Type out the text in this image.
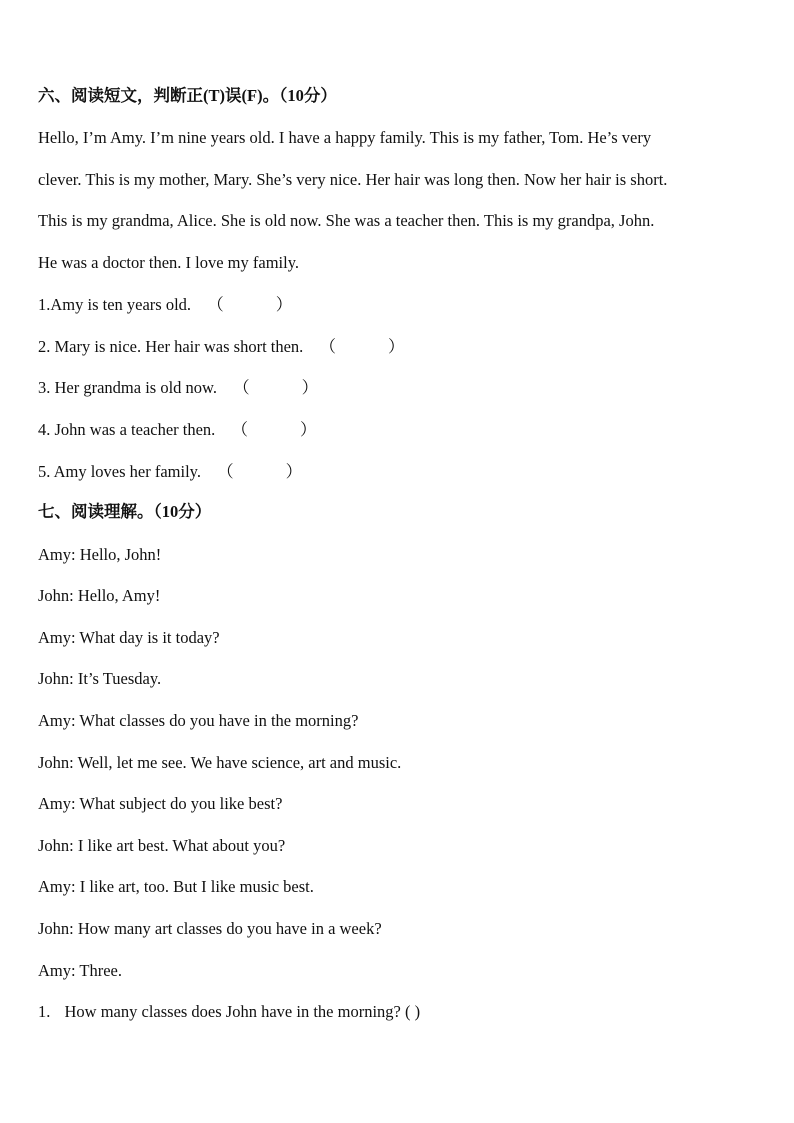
六、阅读短文，判断正(T)误(F)。（10分）
Hello, I’m Amy. I’m nine years old. I have a happy family. This is my father, Tom. He’s very
clever. This is my mother, Mary. She’s very nice. Her hair was long then. Now her hair is short.
This is my grandma, Alice. She is old now. She was a teacher then. This is my grandpa, John.
He was a doctor then. I love my family.
1.Amy is ten years old. （	）
2. Mary is nice. Her hair was short then. （	）
3. Her grandma is old now. （	）
4. John was a teacher then. （	）
5. Amy loves her family. （	）
七、阅读理解。（10分）
Amy: Hello, John!
John: Hello, Amy!
Amy: What day is it today?
John: It’s Tuesday.
Amy: What classes do you have in the morning?
John: Well, let me see. We have science, art and music.
Amy: What subject do you like best?
John: I like art best. What about you?
Amy: I like art, too. But I like music best.
John: How many art classes do you have in a week?
Amy: Three.
1. How many classes does John have in the morning? ( )
